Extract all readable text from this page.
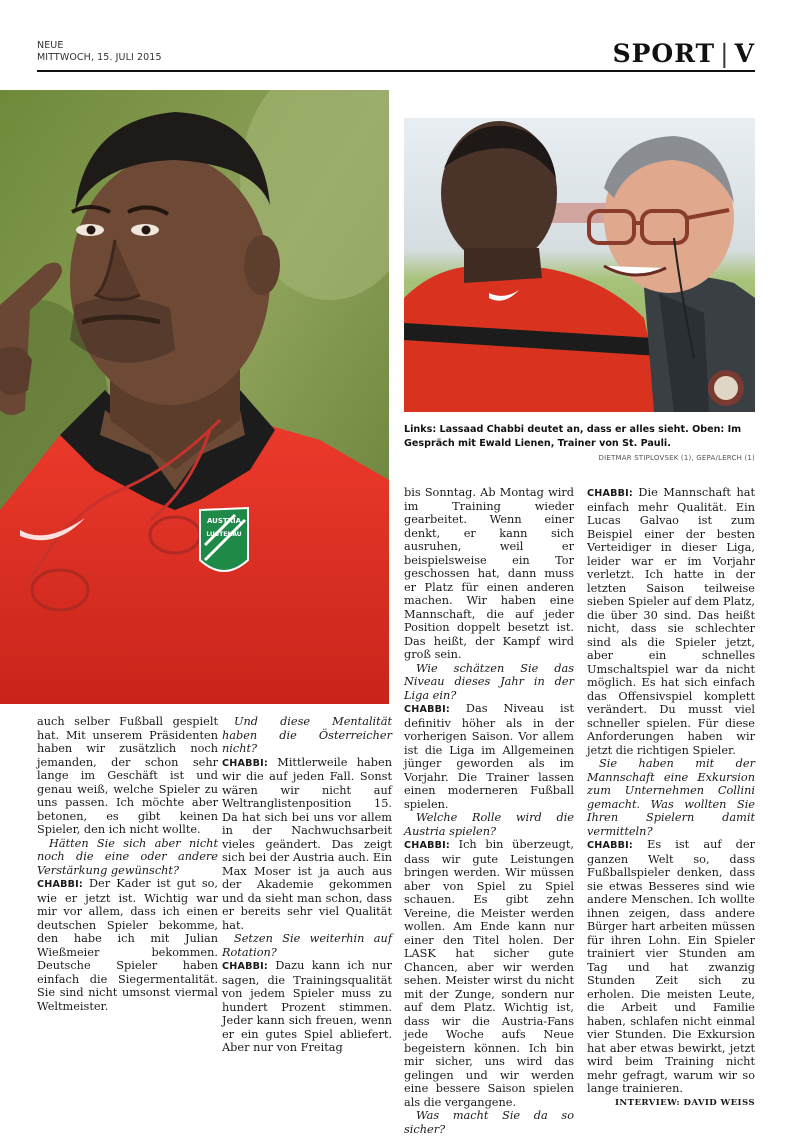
NEUE
MITTWOCH, 15. JULI 2015	SPORT | V
AUSTRIA
LUSTENAU
Links: Lassaad Chabbi deutet an, dass er alles sieht. Oben: Im Gespräch mit Ewald Lienen, Trainer von St. Pauli.
DIETMAR STIPLOVSEK (1), GEPA/LERCH (1)

auch selber Fußball gespielt hat. Mit unserem Präsidenten haben wir zusätzlich noch jemanden, der schon sehr lange im Geschäft ist und genau weiß, welche Spieler zu uns passen. Ich möchte aber betonen, es gibt keinen Spieler, den ich nicht wollte.

Hätten Sie sich aber nicht noch die eine oder andere Verstärkung gewünscht?

CHABBI: Der Kader ist gut so, wie er jetzt ist. Wichtig war mir vor allem, dass ich einen deutschen Spieler bekomme, den habe ich mit Julian Wießmeier bekommen. Deutsche Spieler haben einfach die Siegermentalität. Sie sind nicht umsonst viermal Weltmeister.

Und diese Mentalität haben die Österreicher nicht?

CHABBI: Mittlerweile haben wir die auf jeden Fall. Sonst wären wir nicht auf Weltranglistenposition 15. Da hat sich bei uns vor allem in der Nachwuchsarbeit vieles geändert. Das zeigt sich bei der Austria auch. Ein Max Moser ist ja auch aus der Akademie gekommen und da sieht man schon, dass er bereits sehr viel Qualität hat.

Setzen Sie weiterhin auf Rotation?

CHABBI: Dazu kann ich nur sagen, die Trainingsqualität von jedem Spieler muss zu hundert Prozent stimmen. Jeder kann sich freuen, wenn er ein gutes Spiel abliefert. Aber nur von Freitag

bis Sonntag. Ab Montag wird im Training wieder gearbeitet. Wenn einer denkt, er kann sich ausruhen, weil er beispielsweise ein Tor geschossen hat, dann muss er Platz für einen anderen machen. Wir haben eine Mannschaft, die auf jeder Position doppelt besetzt ist. Das heißt, der Kampf wird groß sein.

Wie schätzen Sie das Niveau dieses Jahr in der Liga ein?

CHABBI: Das Niveau ist definitiv höher als in der vorherigen Saison. Vor allem ist die Liga im Allgemeinen jünger geworden als im Vorjahr. Die Trainer lassen einen moderneren Fußball spielen.

Welche Rolle wird die Austria spielen?

CHABBI: Ich bin überzeugt, dass wir gute Leistungen bringen werden. Wir müssen aber von Spiel zu Spiel schauen. Es gibt zehn Vereine, die Meister werden wollen. Am Ende kann nur einer den Titel holen. Der LASK hat sicher gute Chancen, aber wir werden sehen. Meister wirst du nicht mit der Zunge, sondern nur auf dem Platz. Wichtig ist, dass wir die Austria-Fans jede Woche aufs Neue begeistern können. Ich bin mir sicher, uns wird das gelingen und wir werden eine bessere Saison spielen als die vergangene.

Was macht Sie da so sicher?

CHABBI: Die Mannschaft hat einfach mehr Qualität. Ein Lucas Galvao ist zum Beispiel einer der besten Verteidiger in dieser Liga, leider war er im Vorjahr verletzt. Ich hatte in der letzten Saison teilweise sieben Spieler auf dem Platz, die über 30 sind. Das heißt nicht, dass sie schlechter sind als die Spieler jetzt, aber ein schnelles Umschaltspiel war da nicht möglich. Es hat sich einfach das Offensivspiel komplett verändert. Du musst viel schneller spielen. Für diese Anforderungen haben wir jetzt die richtigen Spieler.

Sie haben mit der Mannschaft eine Exkursion zum Unternehmen Collini gemacht. Was wollten Sie Ihren Spielern damit vermitteln?

CHABBI: Es ist auf der ganzen Welt so, dass Fußballspieler denken, dass sie etwas Besseres sind wie andere Menschen. Ich wollte ihnen zeigen, dass andere Bürger hart arbeiten müssen für ihren Lohn. Ein Spieler trainiert vier Stunden am Tag und hat zwanzig Stunden Zeit sich zu erholen. Die meisten Leute, die Arbeit und Familie haben, schlafen nicht einmal vier Stunden. Die Exkursion hat aber etwas bewirkt, jetzt wird beim Training nicht mehr gefragt, warum wir so lange trainieren.

INTERVIEW: DAVID WEISS
